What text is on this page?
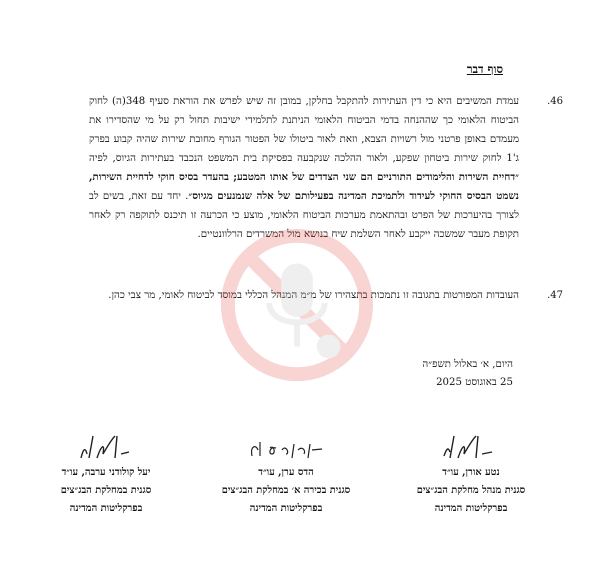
סוף דבר
.46
עמדת המשיבים היא כי דין העתירות להתקבל בחלקן, במובן זה שיש לפרש את הוראת סעיף 348(ה) לחוק הביטוח הלאומי כך שההנחה בדמי הביטוח הלאומי הניתנת לתלמידי ישיבות תחול רק על מי שהסדירו את מעמדם באופן פרטני מול רשויות הצבא, וזאת לאור ביטולו של הפטור הגורף מחובת שירות שהיה קבוע בפרק ג'1 לחוק שירות ביטחון שפקע, ולאור ההלכה שנקבעה בפסיקת בית המשפט הנכבד בעתירות הגיוס, לפיה ״דחיית השירות והלימודים התורניים הם שני הצדדים של אותו המטבע; בהעדר בסיס חוקי לדחיית השירות, נשמט הבסיס החוקי לעידוד ולתמיכת המדינה בפעילותם של אלה שנמנעים מגיוס״. יחד עם זאת, בשים לב לצורך בהיערכות של הפרט ובהתאמת מערכות הביטוח הלאומי, מוצע כי הכרעה זו תיכנס לתוקפה רק לאחר תקופת מעבר שמשכה ייקבע לאחר השלמת שיח בנושא מול המשרדים הרלוונטיים.
.47
העובדות המפורטות בתגובה זו נתמכות בתצהירו של מ״מ המנהל הכללי במוסד לביטוח לאומי, מר צבי כהן.
היום, א׳ באלול תשפ״ה
25 באוגוסט 2025
נטע אורן, עו״ד
סגנית מנהל מחלקת הבג״צים
בפרקליטות המדינה
הדס ערן, עו״ד
סגנית בכירה א׳ במחלקת הבג״צים
בפרקליטות המדינה
יעל קולודני ערבה, עו״ד
סגנית במחלקת הבג״צים
בפרקליטות המדינה
